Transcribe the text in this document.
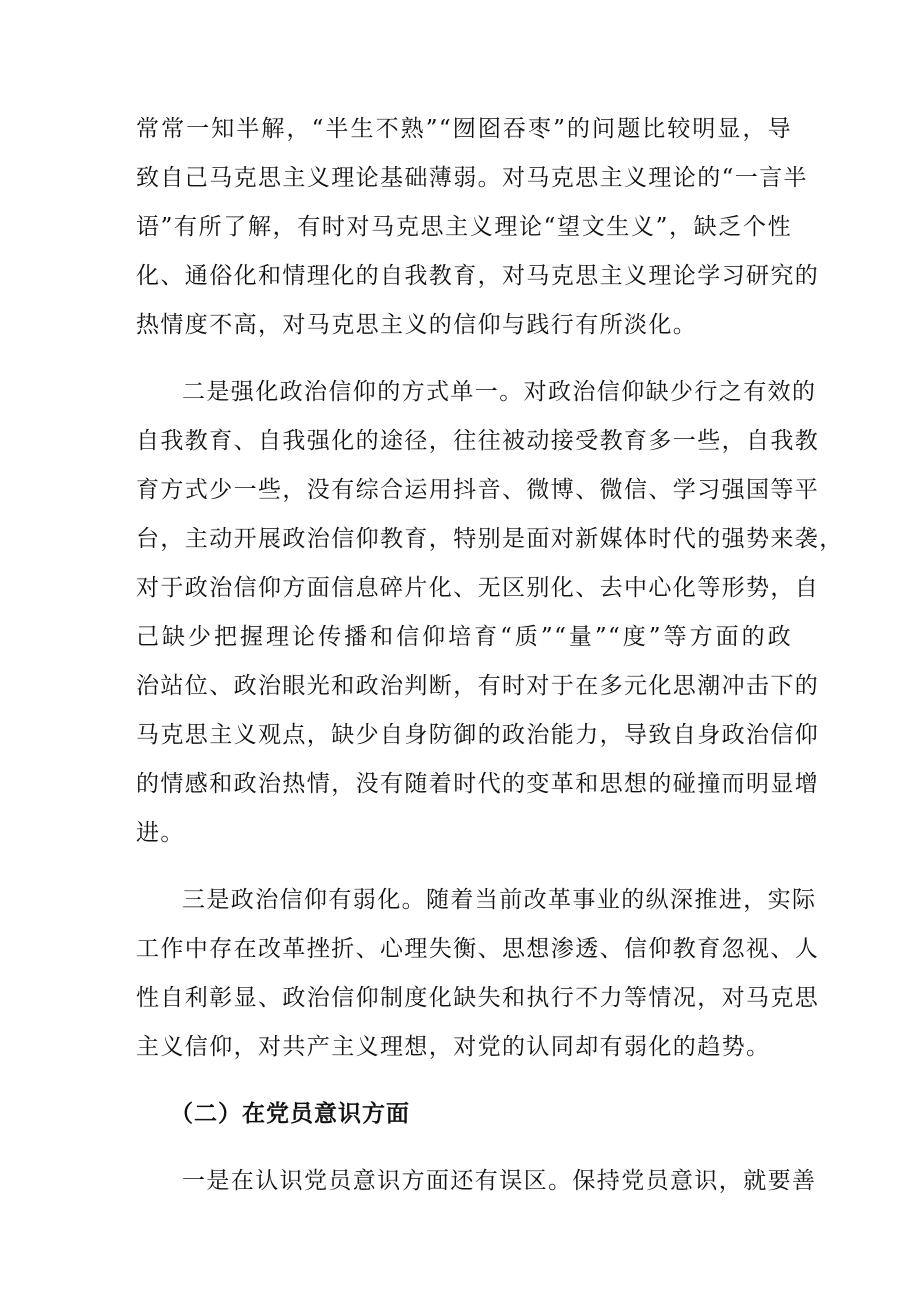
常常一知半解，“半生不熟”“囫囵吞枣”的问题比较明显，导
致自己马克思主义理论基础薄弱。对马克思主义理论的“一言半
语”有所了解，有时对马克思主义理论“望文生义”，缺乏个性
化、通俗化和情理化的自我教育，对马克思主义理论学习研究的
热情度不高，对马克思主义的信仰与践行有所淡化。
二是强化政治信仰的方式单一。对政治信仰缺少行之有效的
自我教育、自我强化的途径，往往被动接受教育多一些，自我教
育方式少一些，没有综合运用抖音、微博、微信、学习强国等平
台，主动开展政治信仰教育，特别是面对新媒体时代的强势来袭，
对于政治信仰方面信息碎片化、无区别化、去中心化等形势，自
己缺少把握理论传播和信仰培育“质”“量”“度”等方面的政
治站位、政治眼光和政治判断，有时对于在多元化思潮冲击下的
马克思主义观点，缺少自身防御的政治能力，导致自身政治信仰
的情感和政治热情，没有随着时代的变革和思想的碰撞而明显增
进。
三是政治信仰有弱化。随着当前改革事业的纵深推进，实际
工作中存在改革挫折、心理失衡、思想渗透、信仰教育忽视、人
性自利彰显、政治信仰制度化缺失和执行不力等情况，对马克思
主义信仰，对共产主义理想，对党的认同却有弱化的趋势。
（二）在党员意识方面
一是在认识党员意识方面还有误区。保持党员意识，就要善
